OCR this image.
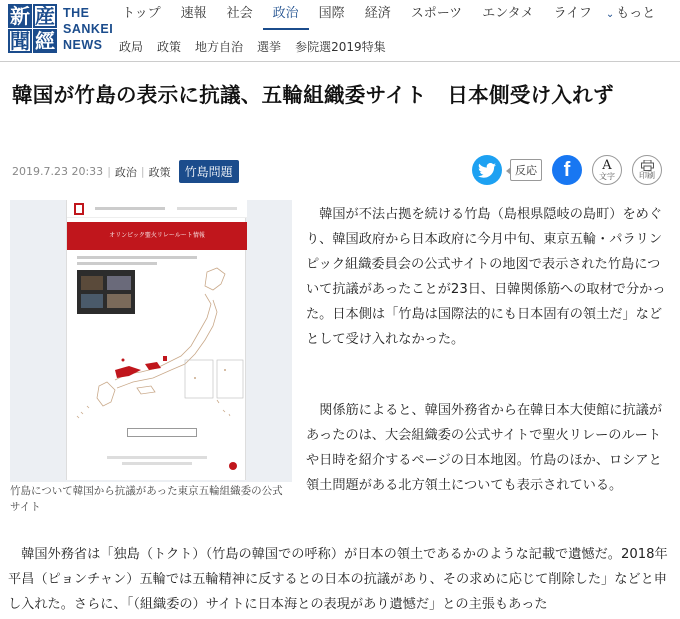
新 産
聞 經
THE
SANKEI
NEWS
トップ	速報	社会	政治	国際	経済	スポーツ	エンタメ	ライフ	⌄ もっと
政局	政策	地方自治	選挙	参院選2019特集
韓国が竹島の表示に抗議、五輪組織委サイト　日本側受け入れず
2019.7.23 20:33 | 政治 | 政策	竹島問題	反応 f A
文字	印刷
オリンピック聖火リレールート情報
竹島について韓国から抗議があった東京五輪組織委の公式サイト

韓国が不法占拠を続ける竹島（島根県隠岐の島町）をめぐり、韓国政府から日本政府に今月中旬、東京五輪・パラリンピック組織委員会の公式サイトの地図で表示された竹島について抗議があったことが23日、日韓関係筋への取材で分かった。日本側は「竹島は国際法的にも日本固有の領土だ」などとして受け入れなかった。

関係筋によると、韓国外務省から在韓日本大使館に抗議があったのは、大会組織委の公式サイトで聖火リレーのルートや日時を紹介するページの日本地図。竹島のほか、ロシアと領土問題がある北方領土についても表示されている。

韓国外務省は「独島（トクト）（竹島の韓国での呼称）が日本の領土であるかのような記載で遺憾だ。2018年平昌（ピョンチャン）五輪では五輪精神に反するとの日本の抗議があり、その求めに応じて削除した」などと申し入れた。さらに、「（組織委の）サイトに日本海との表現があり遺憾だ」との主張もあった
